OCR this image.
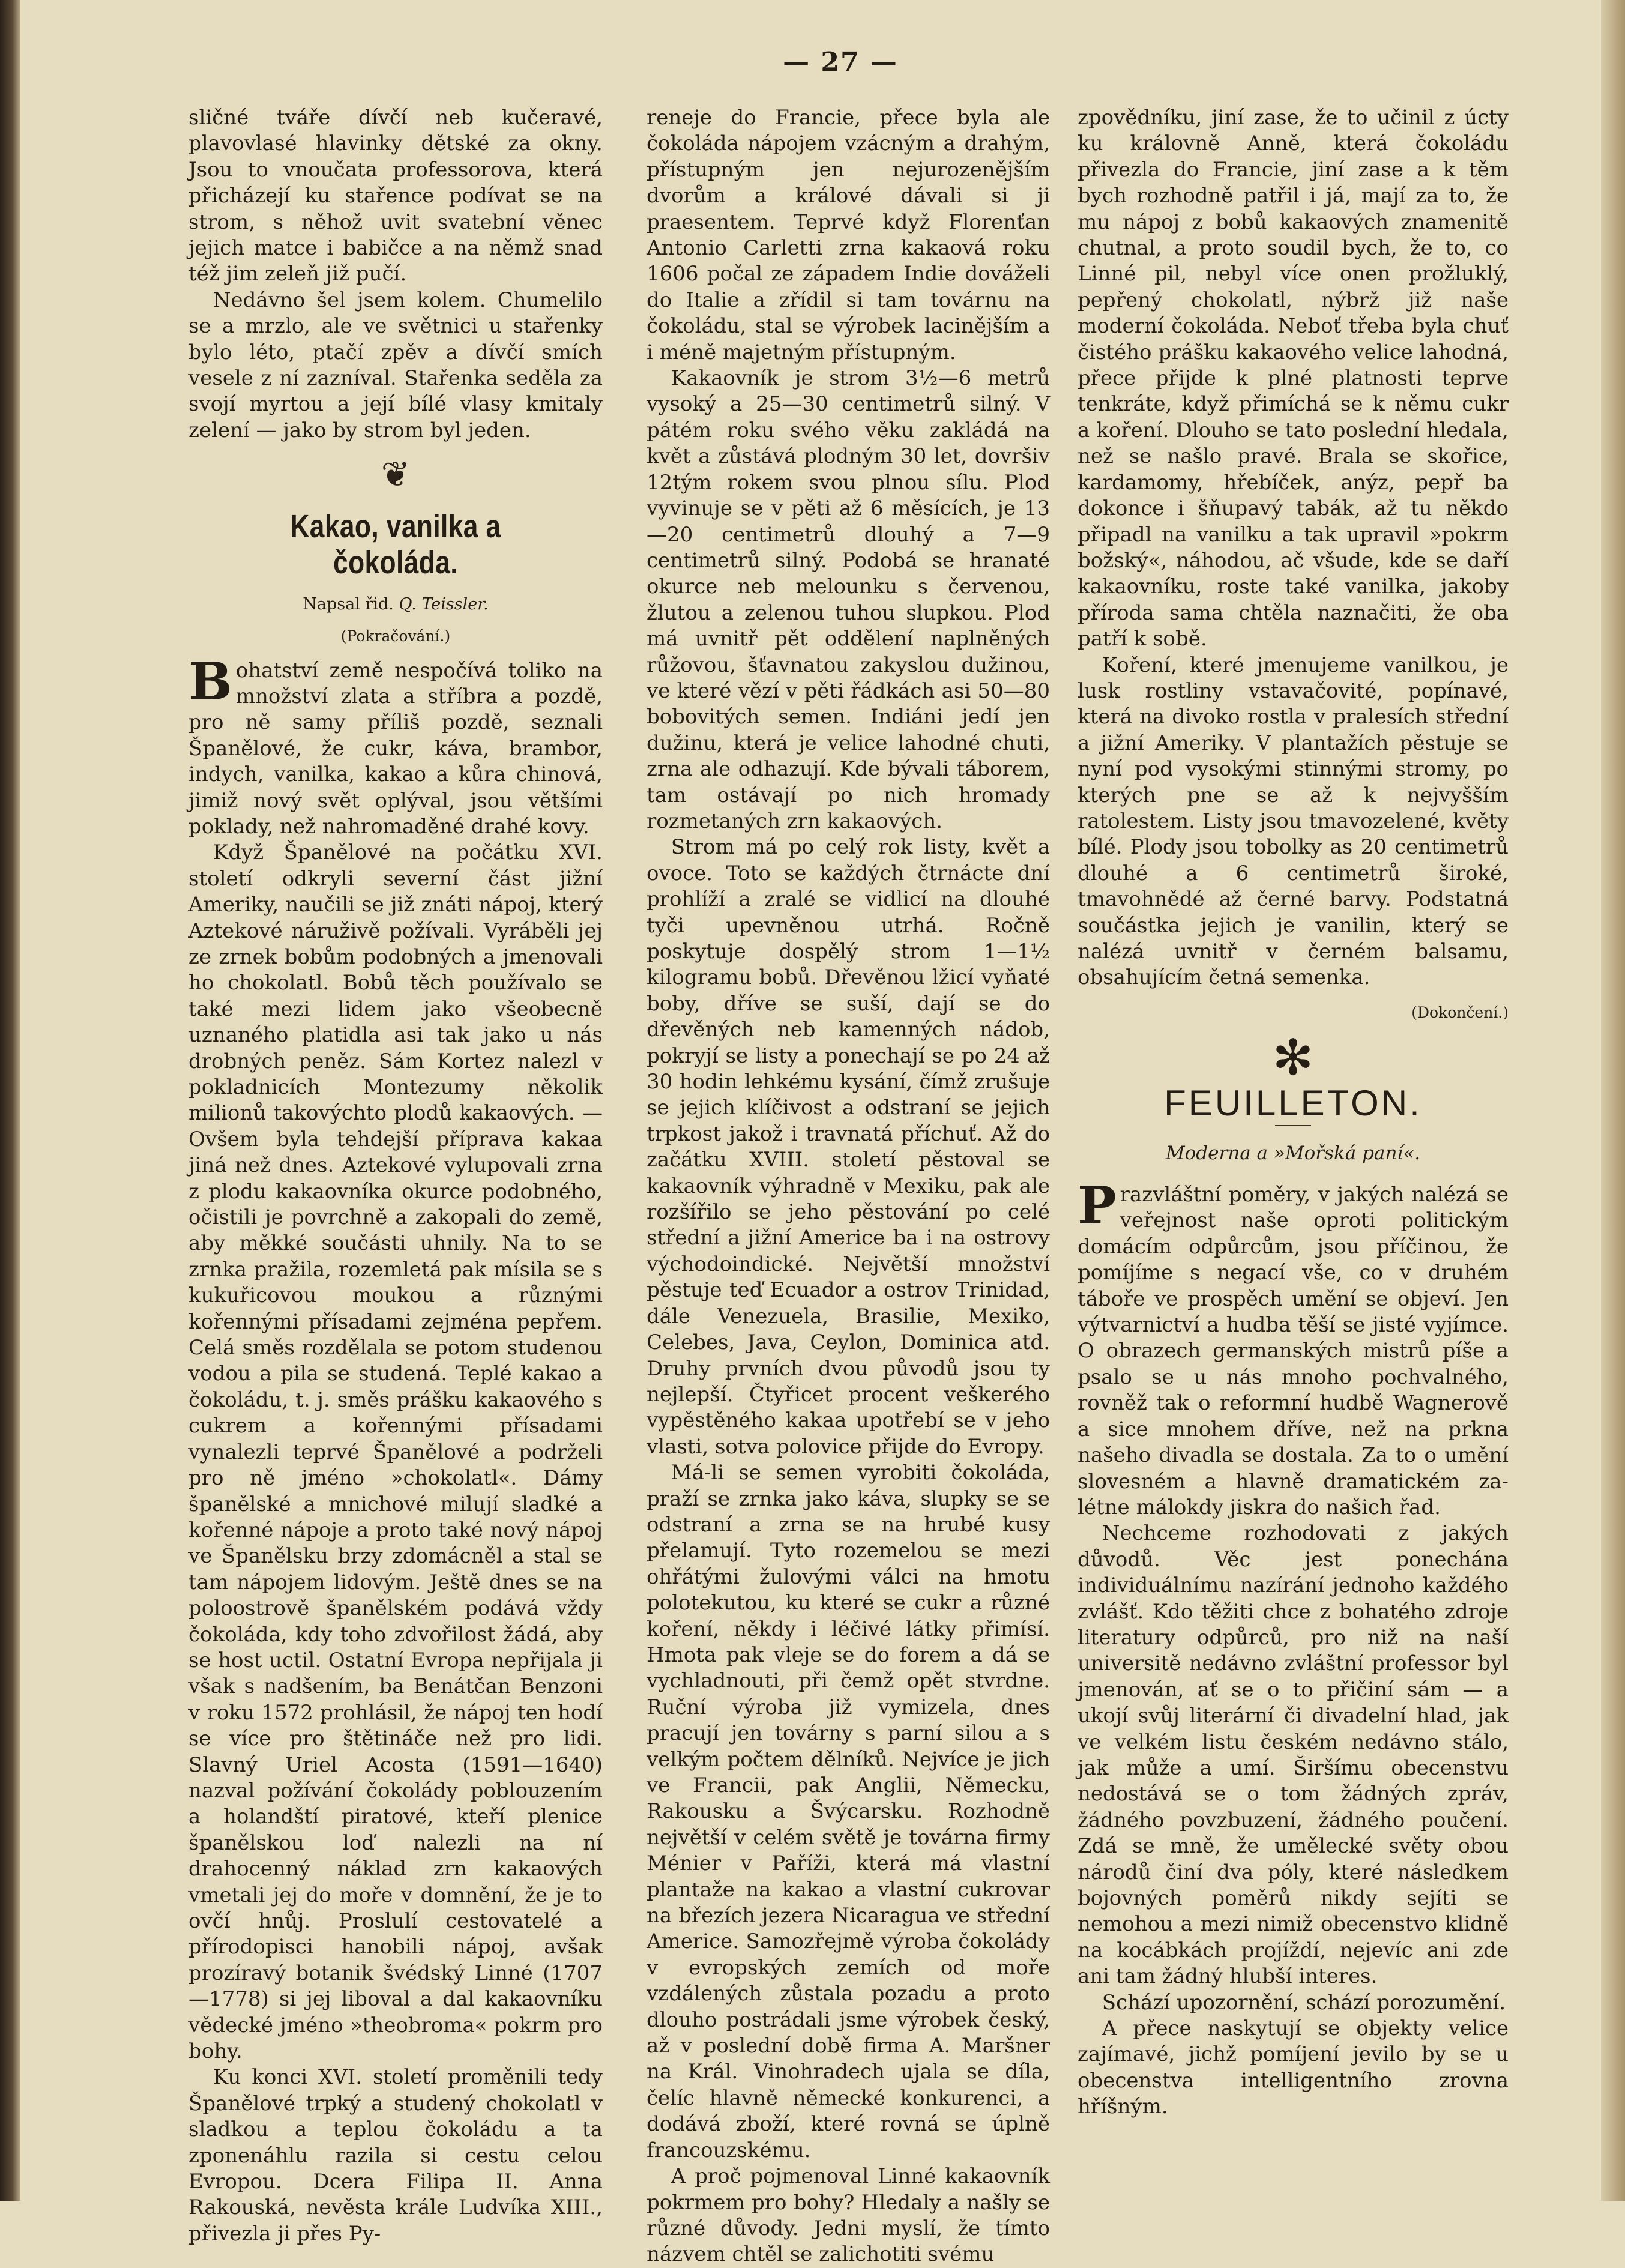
— 27 —

sličné tváře dívčí neb kučeravé, plavovlasé hlavinky dětské za okny. Jsou to vnoučata professorova, která přicházejí ku stařence podívat se na strom, s něhož uvit svatební věnec jejich matce i babičce a na němž snad též jim zeleň již pučí.

Nedávno šel jsem kolem. Chumelilo se a mrzlo, ale ve světnici u stařenky bylo léto, ptačí zpěv a dívčí smích vesele z ní zazníval. Stařenka seděla za svojí myrtou a její bílé vlasy kmitaly zelení — jako by strom byl jeden.

❦
Kakao, vanilka a čokoláda.
Napsal řid. Q. Teissler.
(Pokračování.)

Bohatství země nespočívá toliko na množství zlata a stříbra a pozdě, pro ně samy příliš pozdě, seznali Španělové, že cukr, káva, brambor, indych, vanilka, kakao a kůra chinová, jimiž nový svět oplýval, jsou většími poklady, než nahromaděné drahé kovy.

Když Španělové na počátku XVI. století odkryli severní část jižní Ameriky, naučili se již znáti nápoj, který Aztekové náruživě požívali. Vyráběli jej ze zrnek bobům podobných a jmenovali ho chokolatl. Bobů těch používalo se také mezi lidem jako všeobecně uznaného platidla asi tak jako u nás drobných peněz. Sám Kortez nalezl v pokladnicích Montezumy několik milionů takovýchto plodů kakaových. — Ovšem byla tehdejší příprava kakaa jiná než dnes. Aztekové vylupovali zrna z plodu kakaovníka okurce podobného, očistili je povrchně a zakopali do země, aby měkké součásti uhnily. Na to se zrnka pražila, rozemletá pak mísila se s kukuřicovou moukou a různými kořennými přísadami zejména pepřem. Celá směs rozdělala se potom studenou vodou a pila se studená. Teplé kakao a čokoládu, t. j. směs prášku kakaového s cukrem a kořennými přísadami vynalezli teprvé Španělové a podrželi pro ně jméno »chokolatl«. Dámy španělské a mnichové milují sladké a kořenné nápoje a proto také nový nápoj ve Španělsku brzy zdomácněl a stal se tam nápojem lidovým. Ještě dnes se na poloostrově španělském podává vždy čokoláda, kdy toho zdvořilost žádá, aby se host uctil. Ostatní Evropa nepřijala ji však s nadšením, ba Benátčan Benzoni v roku 1572 prohlásil, že nápoj ten hodí se více pro štětináče než pro lidi. Slavný Uriel Acosta (1591—1640) nazval požívání čokolády poblouzením a holandští piratové, kteří plenice španělskou loď nalezli na ní drahocenný náklad zrn kakaových vmetali jej do moře v domnění, že je to ovčí hnůj. Proslulí cestovatelé a přírodopisci hanobili nápoj, avšak prozíravý botanik švédský Linné (1707—1778) si jej liboval a dal kakaovníku vědecké jméno »theobroma« pokrm pro bohy.

Ku konci XVI. století proměnili tedy Španělové trpký a studený chokolatl v sladkou a teplou čokoládu a ta zponenáhlu razila si cestu celou Evropou. Dcera Filipa II. Anna Rakouská, nevěsta krále Ludvíka XIII., přivezla ji přes Py-

reneje do Francie, přece byla ale čokoláda nápojem vzácným a drahým, přístupným jen nejurozenějším dvorům a králové dávali si ji praesentem. Teprvé když Florenťan Antonio Carletti zrna kakaová roku 1606 počal ze západem Indie dováželi do Italie a zřídil si tam továrnu na čokoládu, stal se výrobek lacinějším a i méně majetným přístupným.

Kakaovník je strom 3½—6 metrů vysoký a 25—30 centimetrů silný. V pátém roku svého věku zakládá na květ a zůstává plodným 30 let, dovršiv 12tým rokem svou plnou sílu. Plod vyvinuje se v pěti až 6 měsících, je 13—20 centimetrů dlouhý a 7—9 centimetrů silný. Podobá se hranaté okurce neb melounku s červenou, žlutou a zelenou tuhou slupkou. Plod má uvnitř pět oddělení naplněných růžovou, šťavnatou zakyslou dužinou, ve které vězí v pěti řádkách asi 50—80 bobovitých semen. Indiáni jedí jen dužinu, která je velice lahodné chuti, zrna ale odhazují. Kde bývali táborem, tam ostávají po nich hromady rozmetaných zrn kakaových.

Strom má po celý rok listy, květ a ovoce. Toto se každých čtrnácte dní prohlíží a zralé se vidlicí na dlouhé tyči upevněnou utrhá. Ročně poskytuje dospělý strom 1—1½ kilogramu bobů. Dřevěnou lžicí vyňaté boby, dříve se suší, dají se do dřevěných neb kamenných nádob, pokryjí se listy a ponechají se po 24 až 30 hodin lehkému kysání, čímž zrušuje se jejich klíčivost a odstraní se jejich trpkost jakož i travnatá příchuť. Až do začátku XVIII. století pěstoval se kakaovník výhradně v Mexiku, pak ale rozšířilo se jeho pěstování po celé střední a jižní Americe ba i na ostrovy východoindické. Největší množství pěstuje teď Ecuador a ostrov Trinidad, dále Venezuela, Brasilie, Mexiko, Celebes, Java, Ceylon, Dominica atd. Druhy prvních dvou původů jsou ty nejlepší. Čtyřicet procent veškerého vypěstěného kakaa upotřebí se v jeho vlasti, sotva polovice přijde do Evropy.

Má-li se semen vyrobiti čokoláda, praží se zrnka jako káva, slupky se se odstraní a zrna se na hrubé kusy přelamují. Tyto rozemelou se mezi ohřátými žulovými válci na hmotu polotekutou, ku které se cukr a různé koření, někdy i léčivé látky přimísí. Hmota pak vleje se do forem a dá se vychladnouti, při čemž opět stvrdne. Ruční výroba již vymizela, dnes pracují jen továrny s parní silou a s velkým počtem dělníků. Nejvíce je jich ve Francii, pak Anglii, Německu, Rakousku a Švýcarsku. Rozhodně největší v celém světě je továrna firmy Ménier v Paříži, která má vlastní plantaže na kakao a vlastní cukrovar na březích jezera Nicaragua ve střední Americe. Samozřejmě výroba čokolády v evropských zemích od moře vzdálených zůstala pozadu a proto dlouho postrádali jsme výrobek český, až v poslední době firma A. Maršner na Král. Vinohradech ujala se díla, čelíc hlavně německé konkurenci, a dodává zboží, které rovná se úplně francouzskému.

A proč pojmenoval Linné kakaovník pokrmem pro bohy? Hledaly a našly se různé důvody. Jedni myslí, že tímto názvem chtěl se zalichotiti svému

zpovědníku, jiní zase, že to učinil z úcty ku královně Anně, která čokoládu přivezla do Francie, jiní zase a k těm bych rozhodně patřil i já, mají za to, že mu nápoj z bobů kakaových znamenitě chutnal, a proto soudil bych, že to, co Linné pil, nebyl více onen prožluklý, pepřený chokolatl, nýbrž již naše moderní čokoláda. Neboť třeba byla chuť čistého prášku kakaového velice lahodná, přece přijde k plné platnosti teprve tenkráte, když přimíchá se k němu cukr a koření. Dlouho se tato poslední hledala, než se našlo pravé. Brala se skořice, kardamomy, hřebíček, anýz, pepř ba dokonce i šňupavý tabák, až tu někdo připadl na vanilku a tak upravil »pokrm božský«, náhodou, ač všude, kde se daří kakaovníku, roste také vanilka, jakoby příroda sama chtěla naznačiti, že oba patří k sobě.

Koření, které jmenujeme vanilkou, je lusk rostliny vstavačovité, popínavé, která na divoko rostla v pralesích střední a jižní Ameriky. V plantažích pěstuje se nyní pod vysokými stinnými stromy, po kterých pne se až k nejvyšším ratolestem. Listy jsou tmavozelené, květy bílé. Plody jsou tobolky as 20 centimetrů dlouhé a 6 centimetrů široké, tmavohnědé až černé barvy. Podstatná součástka jejich je vanilin, který se nalézá uvnitř v černém balsamu, obsahujícím četná semenka.

(Dokončení.)
✻
FEUILLETON.
Moderna a »Mořská paní«.

Prazvláštní poměry, v jakých nalézá se veřejnost naše oproti politickým domácím odpůrcům, jsou příčinou, že pomíjíme s negací vše, co v druhém táboře ve prospěch umění se objeví. Jen výtvarnictví a hudba těší se jisté vyjímce. O obrazech germanských mistrů píše a psalo se u nás mnoho pochvalného, rovněž tak o reformní hudbě Wagnerově a sice mnohem dříve, než na prkna našeho divadla se dostala. Za to o umění slovesném a hlavně dramatickém za-létne málokdy jiskra do našich řad.

Nechceme rozhodovati z jakých důvodů. Věc jest ponechána individuálnímu nazírání jednoho každého zvlášť. Kdo těžiti chce z bohatého zdroje literatury odpůrců, pro niž na naší universitě nedávno zvláštní professor byl jmenován, ať se o to přičiní sám — a ukojí svůj literární či divadelní hlad, jak ve velkém listu českém nedávno stálo, jak může a umí. Širšímu obecenstvu nedostává se o tom žádných zpráv, žádného povzbuzení, žádného poučení. Zdá se mně, že umělecké světy obou národů činí dva póly, které následkem bojovných poměrů nikdy sejíti se nemohou a mezi nimiž obecenstvo klidně na kocábkách projíždí, nejevíc ani zde ani tam žádný hlubší interes.

Schází upozornění, schází porozumění.

A přece naskytují se objekty velice zajímavé, jichž pomíjení jevilo by se u obecenstva intelligentního zrovna hříšným.
